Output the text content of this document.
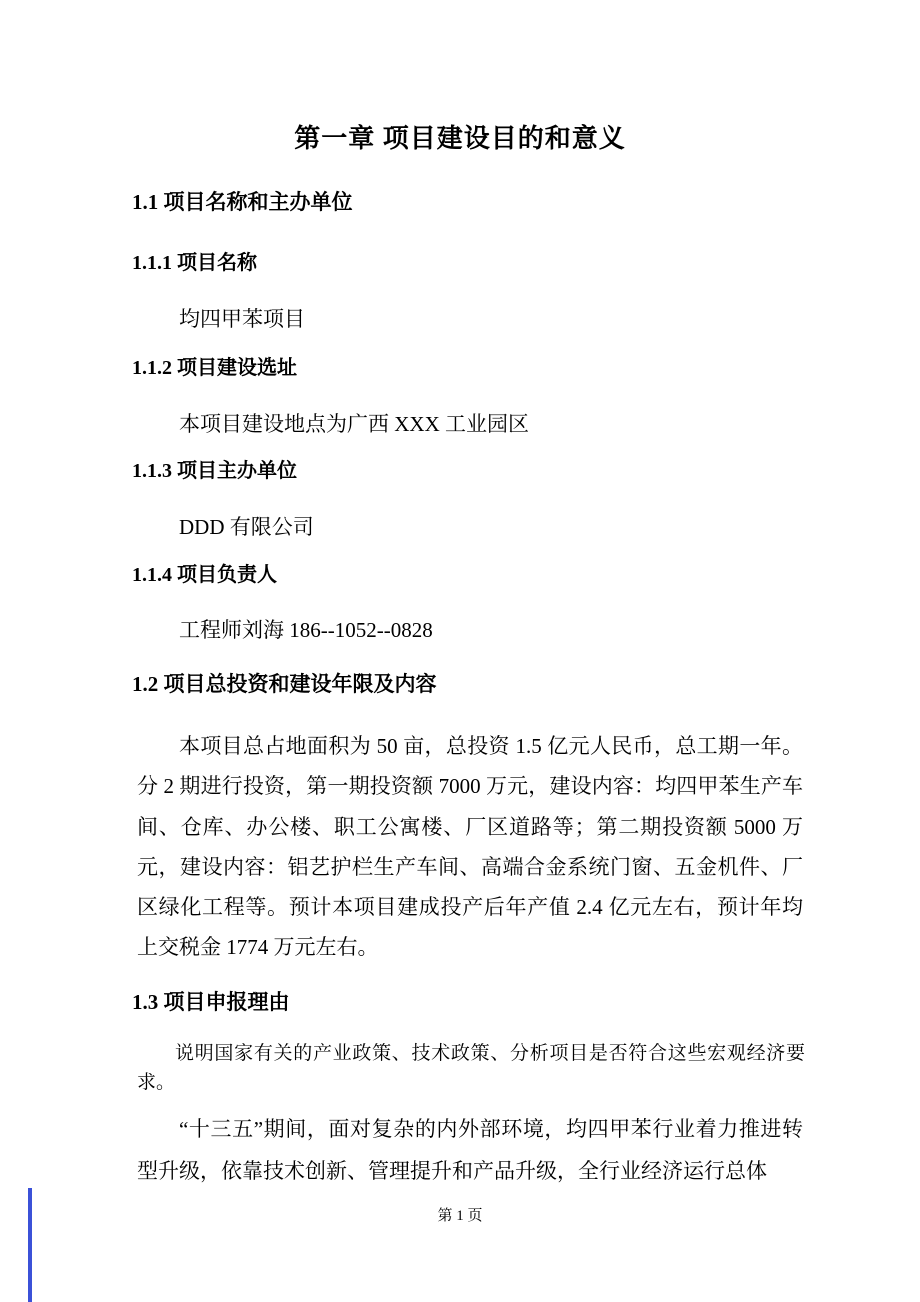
第一章 项目建设目的和意义
1.1 项目名称和主办单位
1.1.1 项目名称
均四甲苯项目
1.1.2 项目建设选址
本项目建设地点为广西 XXX 工业园区
1.1.3 项目主办单位
DDD 有限公司
1.1.4 项目负责人
工程师刘海 186--1052--0828
1.2 项目总投资和建设年限及内容
本项目总占地面积为 50 亩，总投资 1.5 亿元人民币，总工期一年。分 2 期进行投资，第一期投资额 7000 万元，建设内容：均四甲苯生产车间、仓库、办公楼、职工公寓楼、厂区道路等；第二期投资额 5000 万元，建设内容：铝艺护栏生产车间、高端合金系统门窗、五金机件、厂区绿化工程等。预计本项目建成投产后年产值 2.4 亿元左右，预计年均上交税金 1774 万元左右。
1.3 项目申报理由
说明国家有关的产业政策、技术政策、分析项目是否符合这些宏观经济要求。
“十三五”期间，面对复杂的内外部环境，均四甲苯行业着力推进转型升级，依靠技术创新、管理提升和产品升级，全行业经济运行总体
第 1 页
